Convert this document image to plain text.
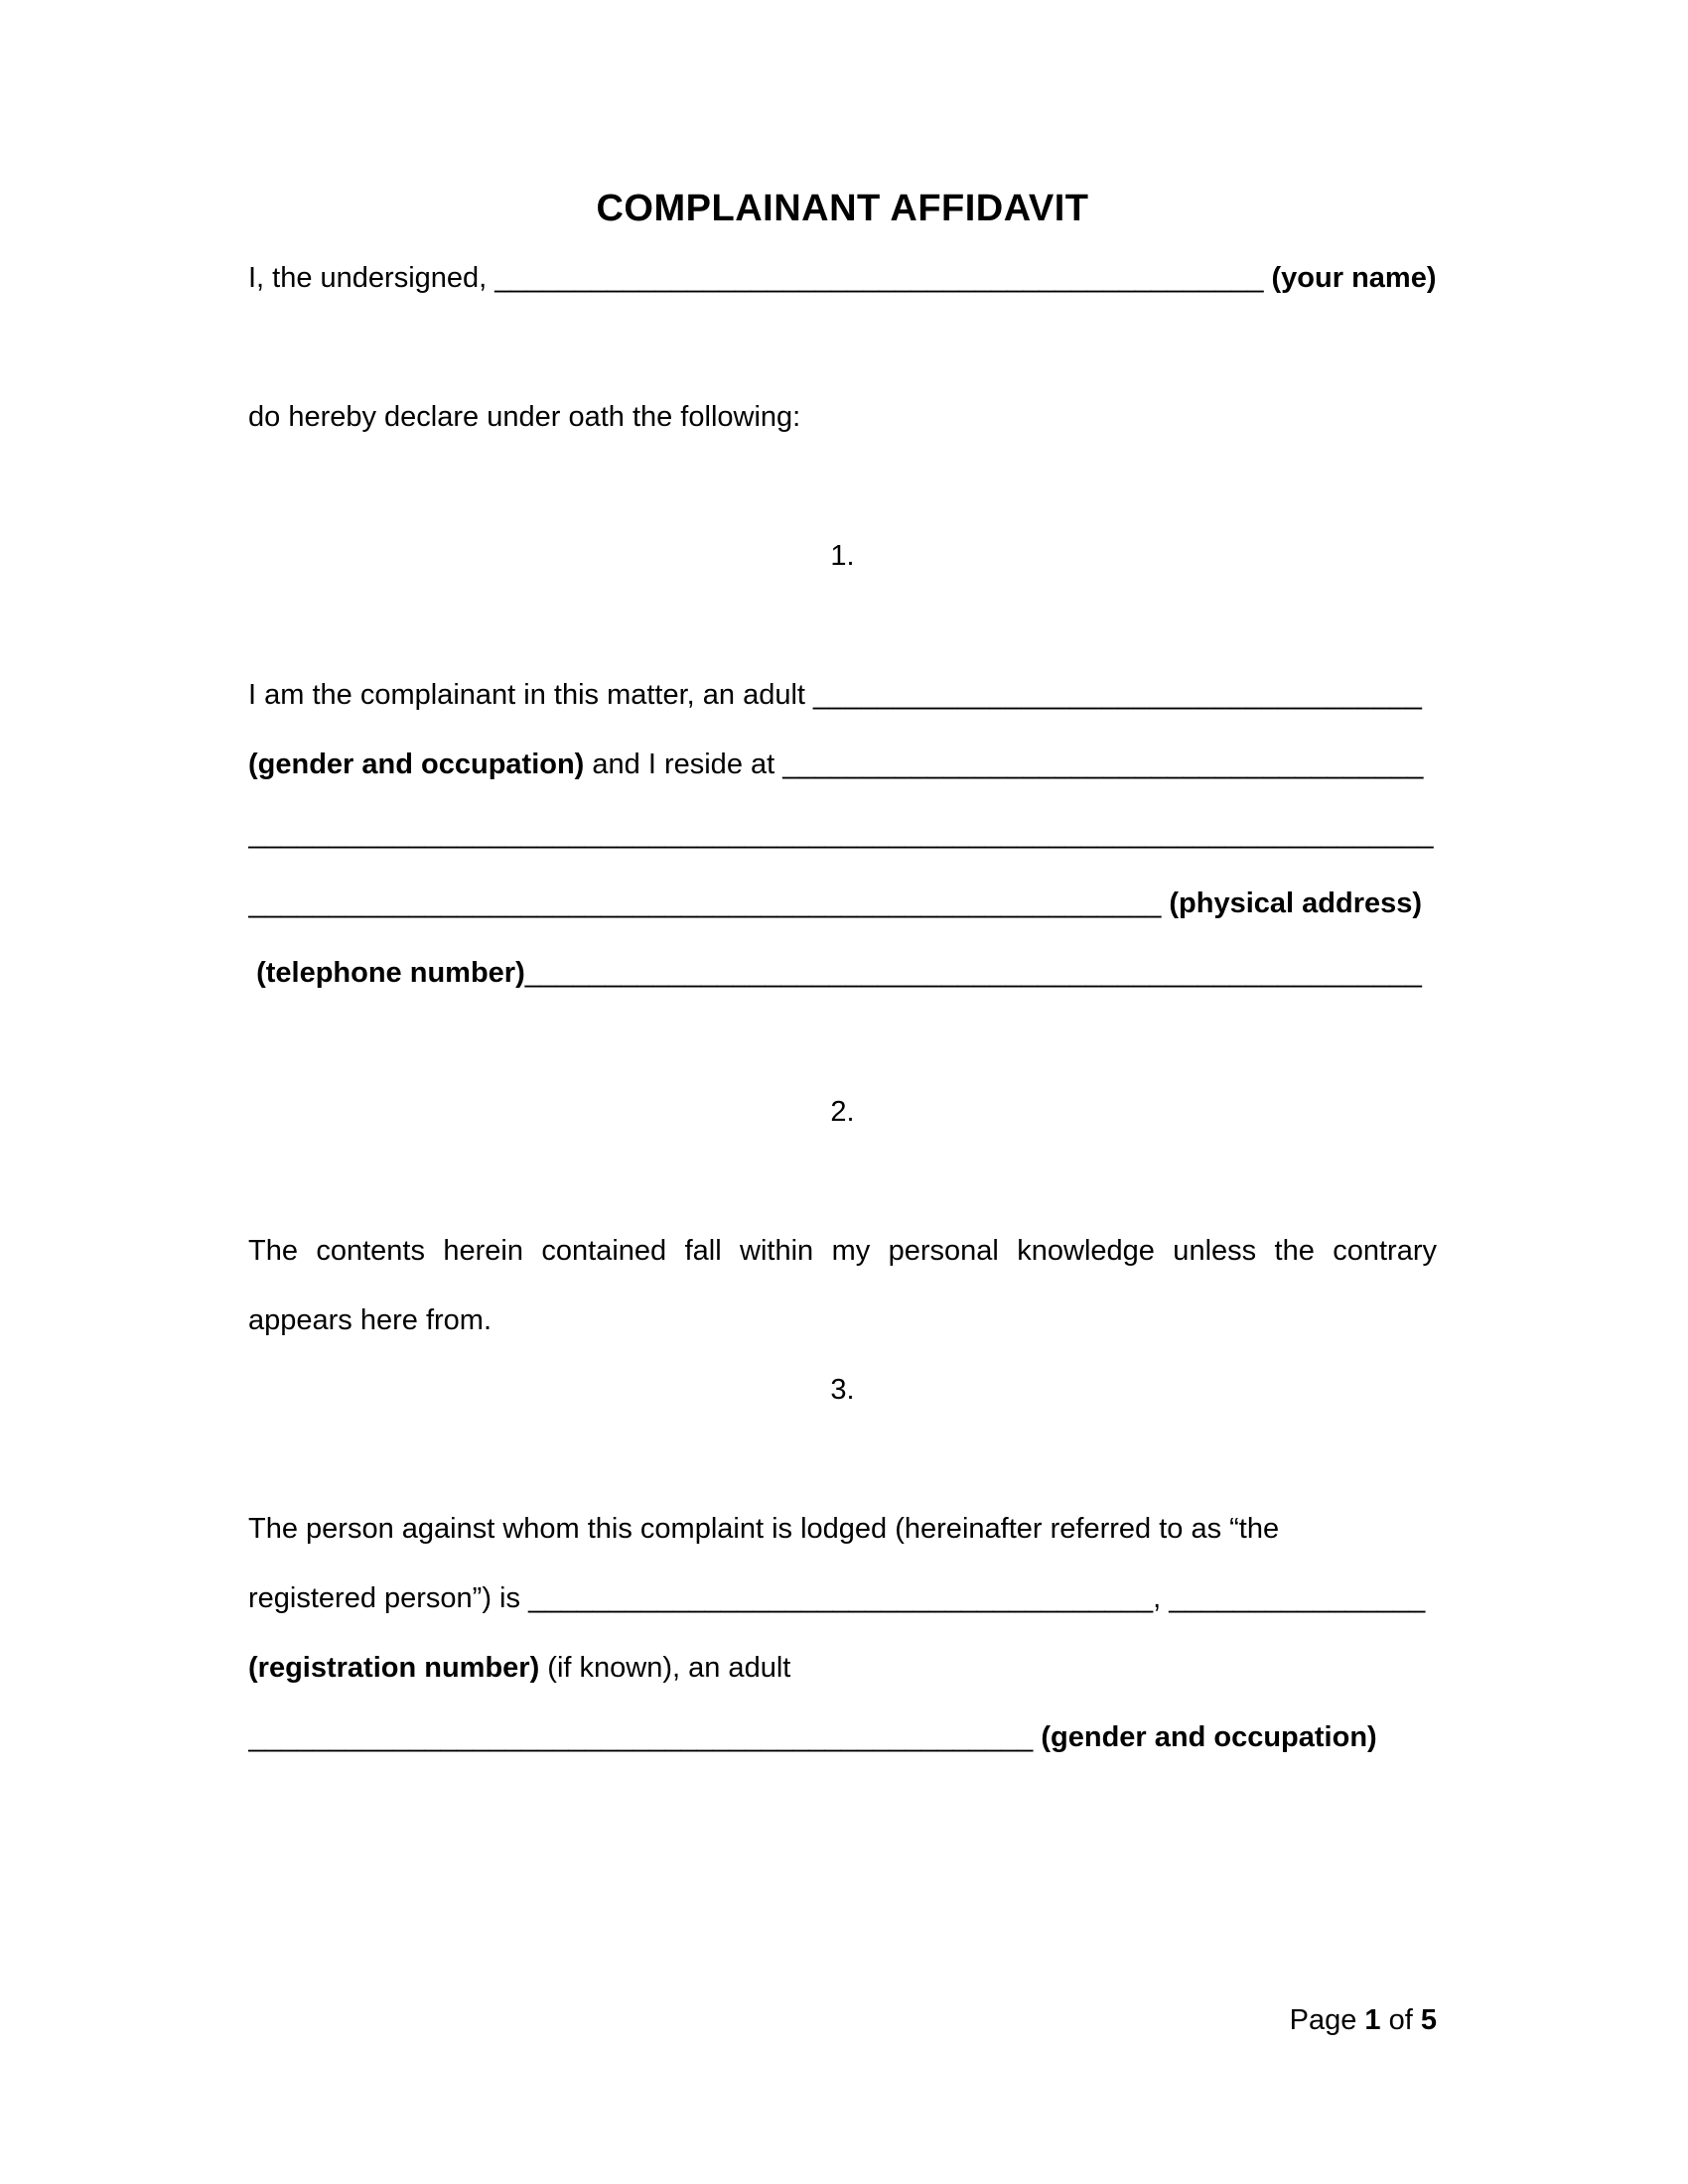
COMPLAINANT AFFIDAVIT
I, the undersigned, ________________________________________________ (your name)
do hereby declare under oath the following:
1.
I am the complainant in this matter, an adult ______________________________________
(gender and occupation) and I reside at ________________________________________
__________________________________________________________________________
_________________________________________________________ (physical address)
(telephone number)________________________________________________________
2.
The contents herein contained fall within my personal knowledge unless the contrary
appears here from.
3.
The person against whom this complaint is lodged (hereinafter referred to as “the
registered person”) is _______________________________________, ________________
(registration number) (if known), an adult
_________________________________________________ (gender and occupation)
Page 1 of 5
